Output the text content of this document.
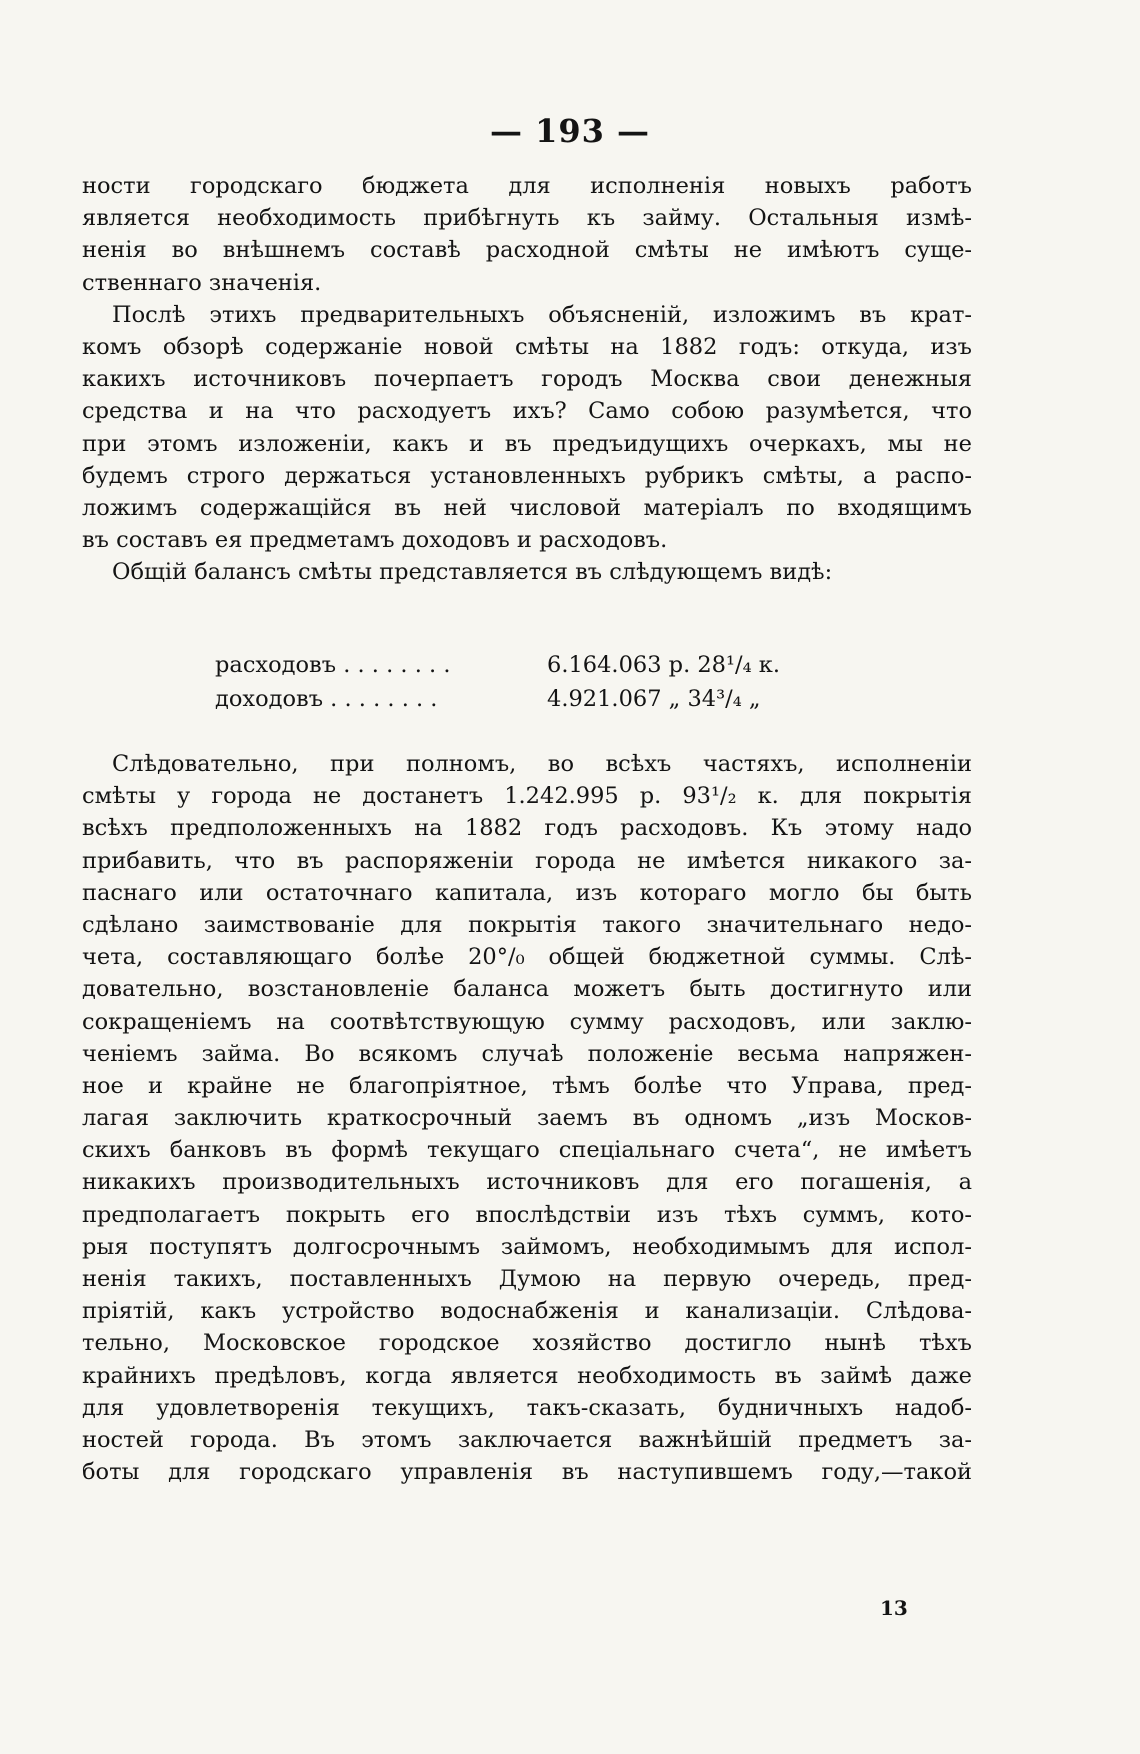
— 193 —
ности городскаго бюджета для исполненія новыхъ работъ
является необходимость прибѣгнуть къ займу. Остальныя измѣ-
ненія во внѣшнемъ составѣ расходной смѣты не имѣютъ суще-
ственнаго значенія.
Послѣ этихъ предварительныхъ объясненій, изложимъ въ крат-
комъ обзорѣ содержаніе новой смѣты на 1882 годъ: откуда, изъ
какихъ источниковъ почерпаетъ городъ Москва свои денежныя
средства и на что расходуетъ ихъ? Само собою разумѣется, что
при этомъ изложеніи, какъ и въ предъидущихъ очеркахъ, мы не
будемъ строго держаться установленныхъ рубрикъ смѣты, а распо-
ложимъ содержащійся въ ней числовой матеріалъ по входящимъ
въ составъ ея предметамъ доходовъ и расходовъ.
Общій балансъ смѣты представляется въ слѣдующемъ видѣ:
расходовъ . . . . . . . .	6.164.063 р. 28¹/₄ к.
доходовъ . . . . . . . .	4.921.067 „ 34³/₄ „
Слѣдовательно, при полномъ, во всѣхъ частяхъ, исполненіи
смѣты у города не достанетъ 1.242.995 р. 93¹/₂ к. для покрытія
всѣхъ предположенныхъ на 1882 годъ расходовъ. Къ этому надо
прибавить, что въ распоряженіи города не имѣется никакого за-
паснаго или остаточнаго капитала, изъ котораго могло бы быть
сдѣлано заимствованіе для покрытія такого значительнаго недо-
чета, составляющаго болѣе 20°/₀ общей бюджетной суммы. Слѣ-
довательно, возстановленіе баланса можетъ быть достигнуто или
сокращеніемъ на соотвѣтствующую сумму расходовъ, или заклю-
ченіемъ займа. Во всякомъ случаѣ положеніе весьма напряжен-
ное и крайне не благопріятное, тѣмъ болѣе что Управа, пред-
лагая заключить краткосрочный заемъ въ одномъ „изъ Москов-
скихъ банковъ въ формѣ текущаго спеціальнаго счета“, не имѣетъ
никакихъ производительныхъ источниковъ для его погашенія, а
предполагаетъ покрыть его впослѣдствіи изъ тѣхъ суммъ, кото-
рыя поступятъ долгосрочнымъ займомъ, необходимымъ для испол-
ненія такихъ, поставленныхъ Думою на первую очередь, пред-
пріятій, какъ устройство водоснабженія и канализаціи. Слѣдова-
тельно, Московское городское хозяйство достигло нынѣ тѣхъ
крайнихъ предѣловъ, когда является необходимость въ займѣ даже
для удовлетворенія текущихъ, такъ-сказать, будничныхъ надоб-
ностей города. Въ этомъ заключается важнѣйшій предметъ за-
боты для городскаго управленія въ наступившемъ году,—такой
13
